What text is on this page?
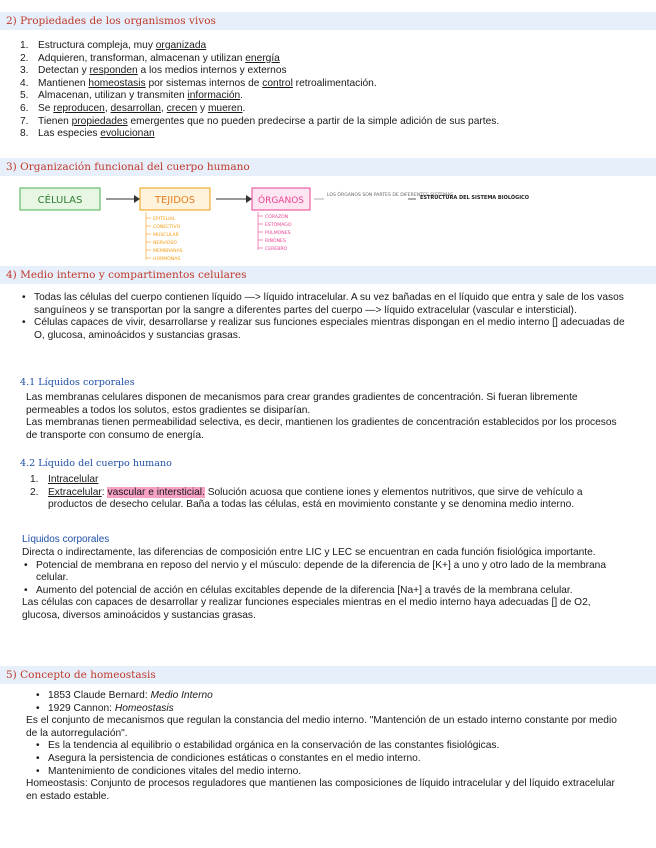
2) Propiedades de los organismos vivos
1. Estructura compleja, muy organizada
2. Adquieren, transforman, almacenan y utilizan energía
3. Detectan y responden a los medios internos y externos
4. Mantienen homeostasis por sistemas internos de control retroalimentación.
5. Almacenan, utilizan y transmiten información.
6. Se reproducen, desarrollan, crecen y mueren.
7. Tienen propiedades emergentes que no pueden predecirse a partir de la simple adición de sus partes.
8. Las especies evolucionan
3) Organización funcional del cuerpo humano
CÉLULAS	TEJIDOS	ÓRGANOS
LOS ÓRGANOS SON PARTES DE DIFERENTES SISTEMAS
ESTRUCTURA DEL SISTEMA BIOLÓGICO
EPITELIAL
CONECTIVO
MUSCULAR
NERVIOSO
MEMBRANAS
HORMONAS
CÓRAZÓN
ESTÓMAGO
PULMONES
RIÑONES
CEREBRO
4) Medio interno y compartimentos celulares
• Todas las células del cuerpo contienen líquido —> líquido intracelular. A su vez bañadas en el líquido que entra y sale de los vasos sanguíneos y se transportan por la sangre a diferentes partes del cuerpo —> líquido extracelular (vascular e intersticial).
• Células capaces de vivir, desarrollarse y realizar sus funciones especiales mientras dispongan en el medio interno [] adecuadas de O, glucosa, aminoácidos y sustancias grasas.
4.1 Líquidos corporales

Las membranas celulares disponen de mecanismos para crear grandes gradientes de concentración. Si fueran libremente permeables a todos los solutos, estos gradientes se disiparían.

Las membranas tienen permeabilidad selectiva, es decir, mantienen los gradientes de concentración establecidos por los procesos de transporte con consumo de energía.

4.2 Líquido del cuerpo humano
1. Intracelular
2. Extracelular: vascular e intersticial. Solución acuosa que contiene iones y elementos nutritivos, que sirve de vehículo a productos de desecho celular. Baña a todas las células, está en movimiento constante y se denomina medio interno.
Líquidos corporales

Directa o indirectamente, las diferencias de composición entre LIC y LEC se encuentran en cada función fisiológica importante.

• Potencial de membrana en reposo del nervio y el músculo: depende de la diferencia de [K+] a uno y otro lado de la membrana celular.
• Aumento del potencial de acción en células excitables depende de la diferencia [Na+] a través de la membrana celular.

Las células con capaces de desarrollar y realizar funciones especiales mientras en el medio interno haya adecuadas [] de O2, glucosa, diversos aminoácidos y sustancias grasas.

5) Concepto de homeostasis
• 1853 Claude Bernard: Medio Interno
• 1929 Cannon: Homeostasis

Es el conjunto de mecanismos que regulan la constancia del medio interno. "Mantención de un estado interno constante por medio de la autorregulación".

• Es la tendencia al equilibrio o estabilidad orgánica en la conservación de las constantes fisiológicas.
• Asegura la persistencia de condiciones estáticas o constantes en el medio interno.
• Mantenimiento de condiciones vitales del medio interno.

Homeostasis: Conjunto de procesos reguladores que mantienen las composiciones de líquido intracelular y del líquido extracelular en estado estable.
